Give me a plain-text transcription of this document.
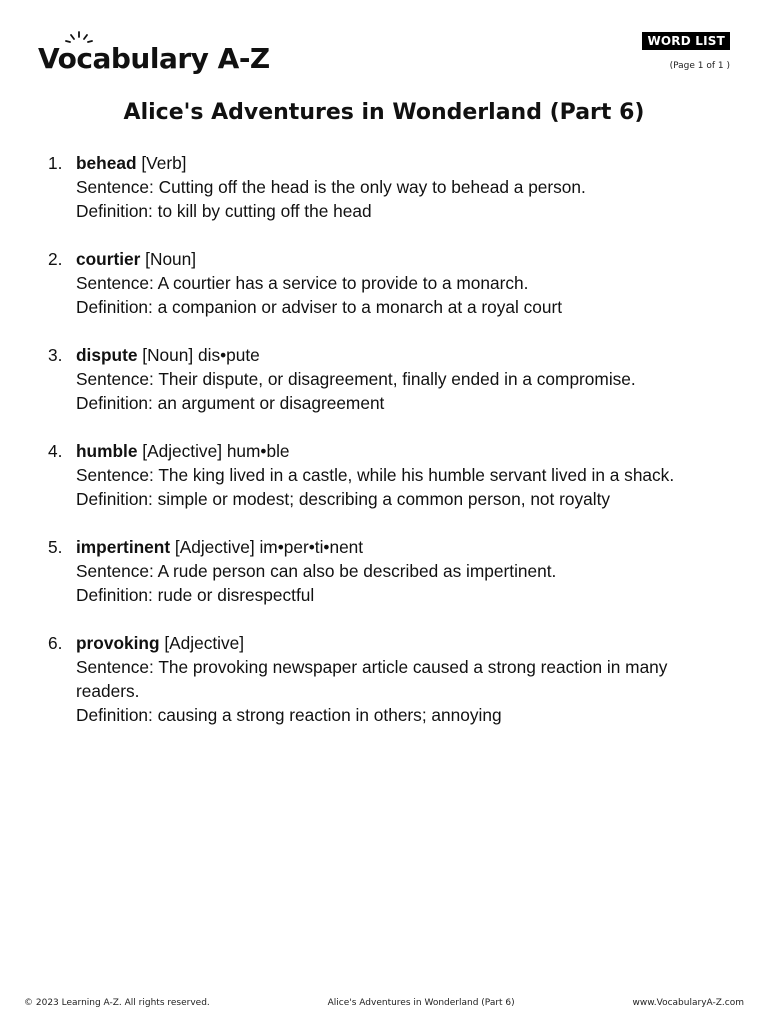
Vocabulary A-Z
WORD LIST
(Page 1 of 1 )
Alice's Adventures in Wonderland (Part 6)
1. behead [Verb]
Sentence: Cutting off the head is the only way to behead a person.
Definition: to kill by cutting off the head
2. courtier [Noun]
Sentence: A courtier has a service to provide to a monarch.
Definition: a companion or adviser to a monarch at a royal court
3. dispute [Noun] dis•pute
Sentence: Their dispute, or disagreement, finally ended in a compromise.
Definition: an argument or disagreement
4. humble [Adjective] hum•ble
Sentence: The king lived in a castle, while his humble servant lived in a shack.
Definition: simple or modest; describing a common person, not royalty
5. impertinent [Adjective] im•per•ti•nent
Sentence: A rude person can also be described as impertinent.
Definition: rude or disrespectful
6. provoking [Adjective]
Sentence: The provoking newspaper article caused a strong reaction in many readers.
Definition: causing a strong reaction in others; annoying
© 2023 Learning A-Z. All rights reserved.	Alice's Adventures in Wonderland (Part 6)	www.VocabularyA-Z.com
